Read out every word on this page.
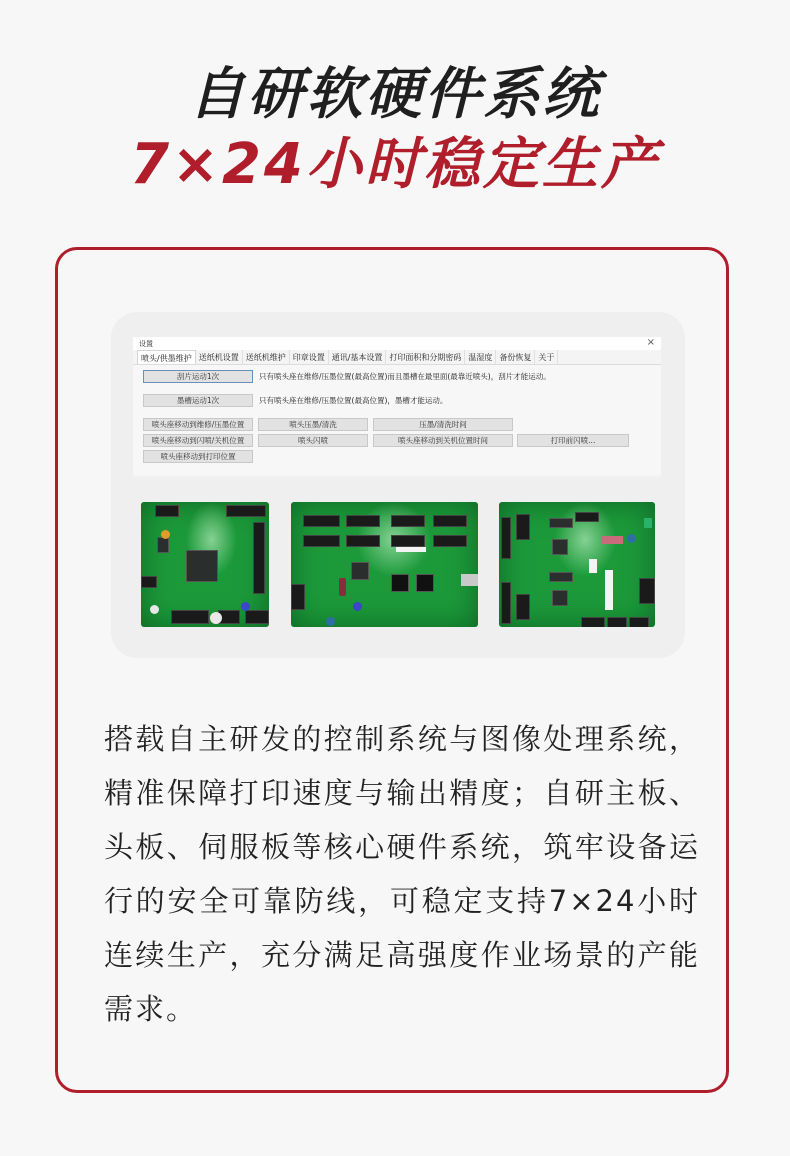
自研软硬件系统
7×24小时稳定生产
设置	×
喷头/供墨维护 送纸机设置 送纸机维护 印章设置 通讯/基本设置 打印面积和分期密码 温湿度 备份恢复 关于
刮片运动1次	只有喷头座在维修/压墨位置(最高位置)而且墨槽在最里面(最靠近喷头)，刮片才能运动。
墨槽运动1次	只有喷头座在维修/压墨位置(最高位置)，墨槽才能运动。
喷头座移动到维修/压墨位置	喷头压墨/清洗	压墨/清洗时间
喷头座移动到闪喷/关机位置	喷头闪喷	喷头座移动到关机位置时间	打印前闪喷...
喷头座移动到打印位置
搭载自主研发的控制系统与图像处理系统，精准保障打印速度与输出精度；自研主板、头板、伺服板等核心硬件系统，筑牢设备运行的安全可靠防线，可稳定支持7×24小时连续生产，充分满足高强度作业场景的产能需求。
